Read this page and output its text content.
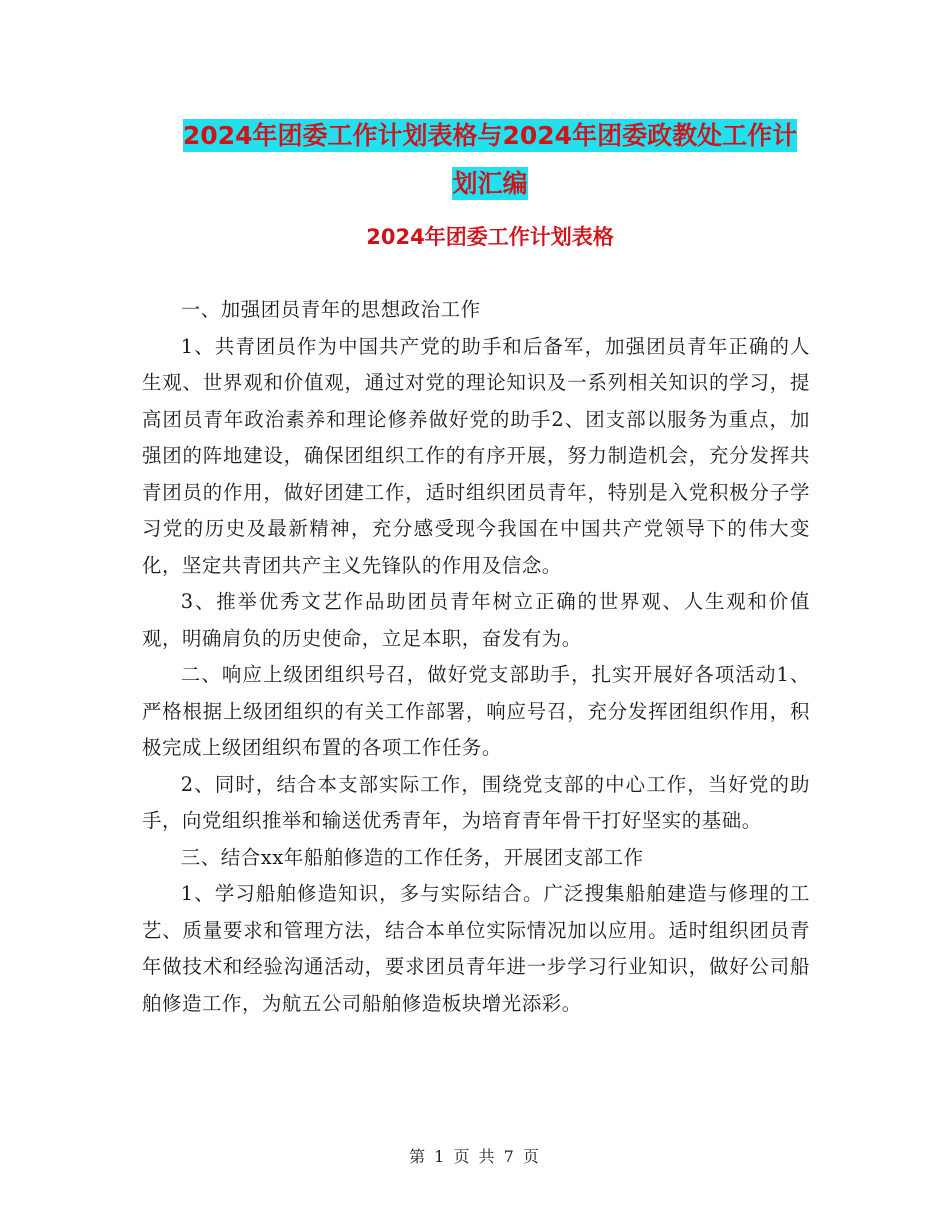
2024年团委工作计划表格与2024年团委政教处工作计
划汇编
2024年团委工作计划表格

一、加强团员青年的思想政治工作

1、共青团员作为中国共产党的助手和后备军，加强团员青年正确的人生观、世界观和价值观，通过对党的理论知识及一系列相关知识的学习，提高团员青年政治素养和理论修养做好党的助手2、团支部以服务为重点，加强团的阵地建设，确保团组织工作的有序开展，努力制造机会，充分发挥共青团员的作用，做好团建工作，适时组织团员青年，特别是入党积极分子学习党的历史及最新精神，充分感受现今我国在中国共产党领导下的伟大变化，坚定共青团共产主义先锋队的作用及信念。

3、推举优秀文艺作品助团员青年树立正确的世界观、人生观和价值观，明确肩负的历史使命，立足本职，奋发有为。

二、响应上级团组织号召，做好党支部助手，扎实开展好各项活动1、严格根据上级团组织的有关工作部署，响应号召，充分发挥团组织作用，积极完成上级团组织布置的各项工作任务。

2、同时，结合本支部实际工作，围绕党支部的中心工作，当好党的助手，向党组织推举和输送优秀青年，为培育青年骨干打好坚实的基础。

三、结合xx年船舶修造的工作任务，开展团支部工作

1、学习船舶修造知识，多与实际结合。广泛搜集船舶建造与修理的工艺、质量要求和管理方法，结合本单位实际情况加以应用。适时组织团员青年做技术和经验沟通活动，要求团员青年进一步学习行业知识，做好公司船舶修造工作，为航五公司船舶修造板块增光添彩。

第 1 页 共 7 页
